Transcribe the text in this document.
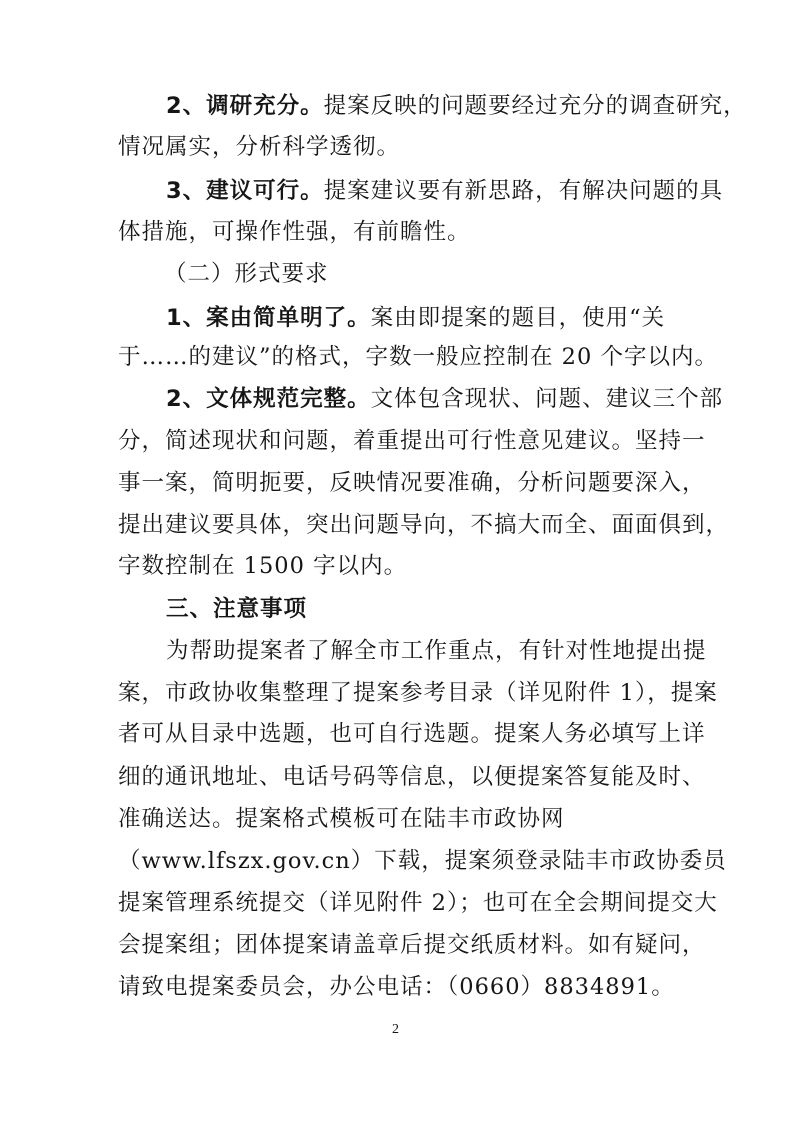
2、调研充分。提案反映的问题要经过充分的调查研究，
情况属实，分析科学透彻。
3、建议可行。提案建议要有新思路，有解决问题的具
体措施，可操作性强，有前瞻性。
（二）形式要求
1、案由简单明了。案由即提案的题目，使用“关
于……的建议”的格式，字数一般应控制在 20 个字以内。
2、文体规范完整。文体包含现状、问题、建议三个部
分，简述现状和问题，着重提出可行性意见建议。坚持一
事一案，简明扼要，反映情况要准确，分析问题要深入，
提出建议要具体，突出问题导向，不搞大而全、面面俱到，
字数控制在 1500 字以内。
三、注意事项
为帮助提案者了解全市工作重点，有针对性地提出提
案，市政协收集整理了提案参考目录（详见附件 1），提案
者可从目录中选题，也可自行选题。提案人务必填写上详
细的通讯地址、电话号码等信息，以便提案答复能及时、
准确送达。提案格式模板可在陆丰市政协网
（www.lfszx.gov.cn）下载，提案须登录陆丰市政协委员
提案管理系统提交（详见附件 2）；也可在全会期间提交大
会提案组；团体提案请盖章后提交纸质材料。如有疑问，
请致电提案委员会，办公电话：（0660）8834891。
2
